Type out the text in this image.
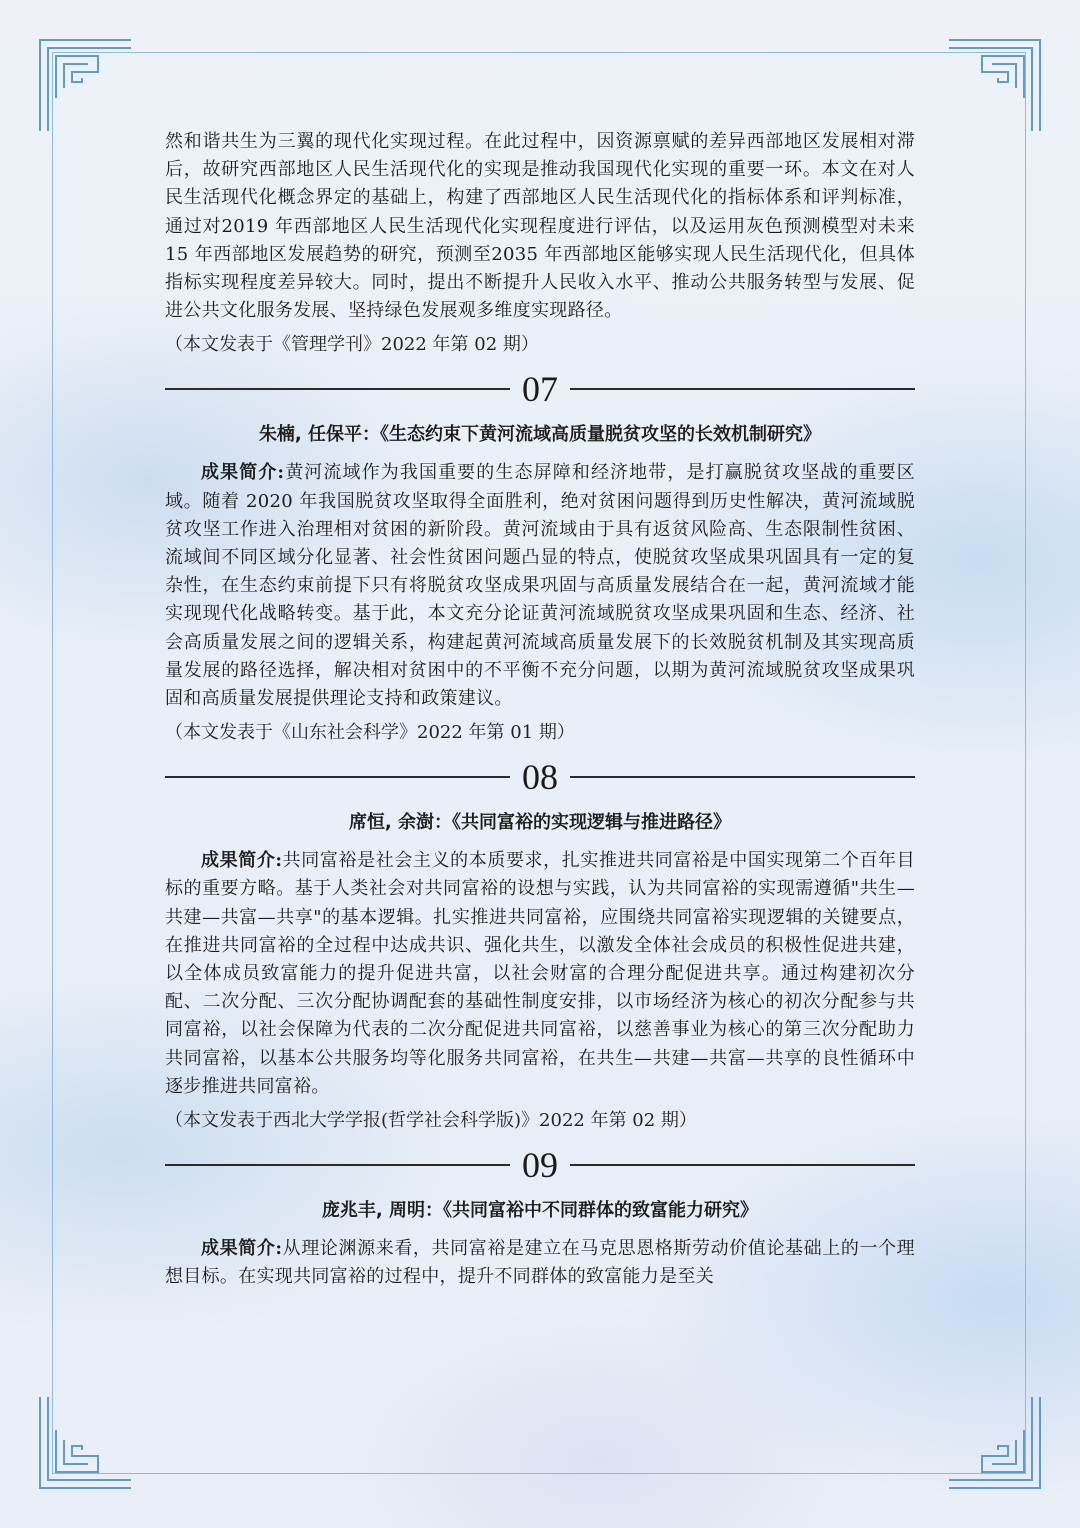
然和谐共生为三翼的现代化实现过程。在此过程中，因资源禀赋的差异西部地区发展相对滞后，故研究西部地区人民生活现代化的实现是推动我国现代化实现的重要一环。本文在对人民生活现代化概念界定的基础上，构建了西部地区人民生活现代化的指标体系和评判标准，通过对2019 年西部地区人民生活现代化实现程度进行评估，以及运用灰色预测模型对未来 15 年西部地区发展趋势的研究，预测至2035 年西部地区能够实现人民生活现代化，但具体指标实现程度差异较大。同时，提出不断提升人民收入水平、推动公共服务转型与发展、促进公共文化服务发展、坚持绿色发展观多维度实现路径。

（本文发表于《管理学刊》2022 年第 02 期）

07

朱楠, 任保平：《生态约束下黄河流域高质量脱贫攻坚的长效机制研究》

成果简介:黄河流域作为我国重要的生态屏障和经济地带，是打赢脱贫攻坚战的重要区域。随着 2020 年我国脱贫攻坚取得全面胜利，绝对贫困问题得到历史性解决，黄河流域脱贫攻坚工作进入治理相对贫困的新阶段。黄河流域由于具有返贫风险高、生态限制性贫困、流域间不同区域分化显著、社会性贫困问题凸显的特点，使脱贫攻坚成果巩固具有一定的复杂性，在生态约束前提下只有将脱贫攻坚成果巩固与高质量发展结合在一起，黄河流域才能实现现代化战略转变。基于此，本文充分论证黄河流域脱贫攻坚成果巩固和生态、经济、社会高质量发展之间的逻辑关系，构建起黄河流域高质量发展下的长效脱贫机制及其实现高质量发展的路径选择，解决相对贫困中的不平衡不充分问题，以期为黄河流域脱贫攻坚成果巩固和高质量发展提供理论支持和政策建议。

（本文发表于《山东社会科学》2022 年第 01 期）

08

席恒, 余澍：《共同富裕的实现逻辑与推进路径》

成果简介:共同富裕是社会主义的本质要求，扎实推进共同富裕是中国实现第二个百年目标的重要方略。基于人类社会对共同富裕的设想与实践，认为共同富裕的实现需遵循"共生—共建—共富—共享"的基本逻辑。扎实推进共同富裕，应围绕共同富裕实现逻辑的关键要点，在推进共同富裕的全过程中达成共识、强化共生，以激发全体社会成员的积极性促进共建，以全体成员致富能力的提升促进共富，以社会财富的合理分配促进共享。通过构建初次分配、二次分配、三次分配协调配套的基础性制度安排，以市场经济为核心的初次分配参与共同富裕，以社会保障为代表的二次分配促进共同富裕，以慈善事业为核心的第三次分配助力共同富裕，以基本公共服务均等化服务共同富裕，在共生—共建—共富—共享的良性循环中逐步推进共同富裕。

（本文发表于西北大学学报(哲学社会科学版)》2022 年第 02 期）

09

庞兆丰, 周明：《共同富裕中不同群体的致富能力研究》

成果简介:从理论渊源来看，共同富裕是建立在马克思恩格斯劳动价值论基础上的一个理想目标。在实现共同富裕的过程中，提升不同群体的致富能力是至关
